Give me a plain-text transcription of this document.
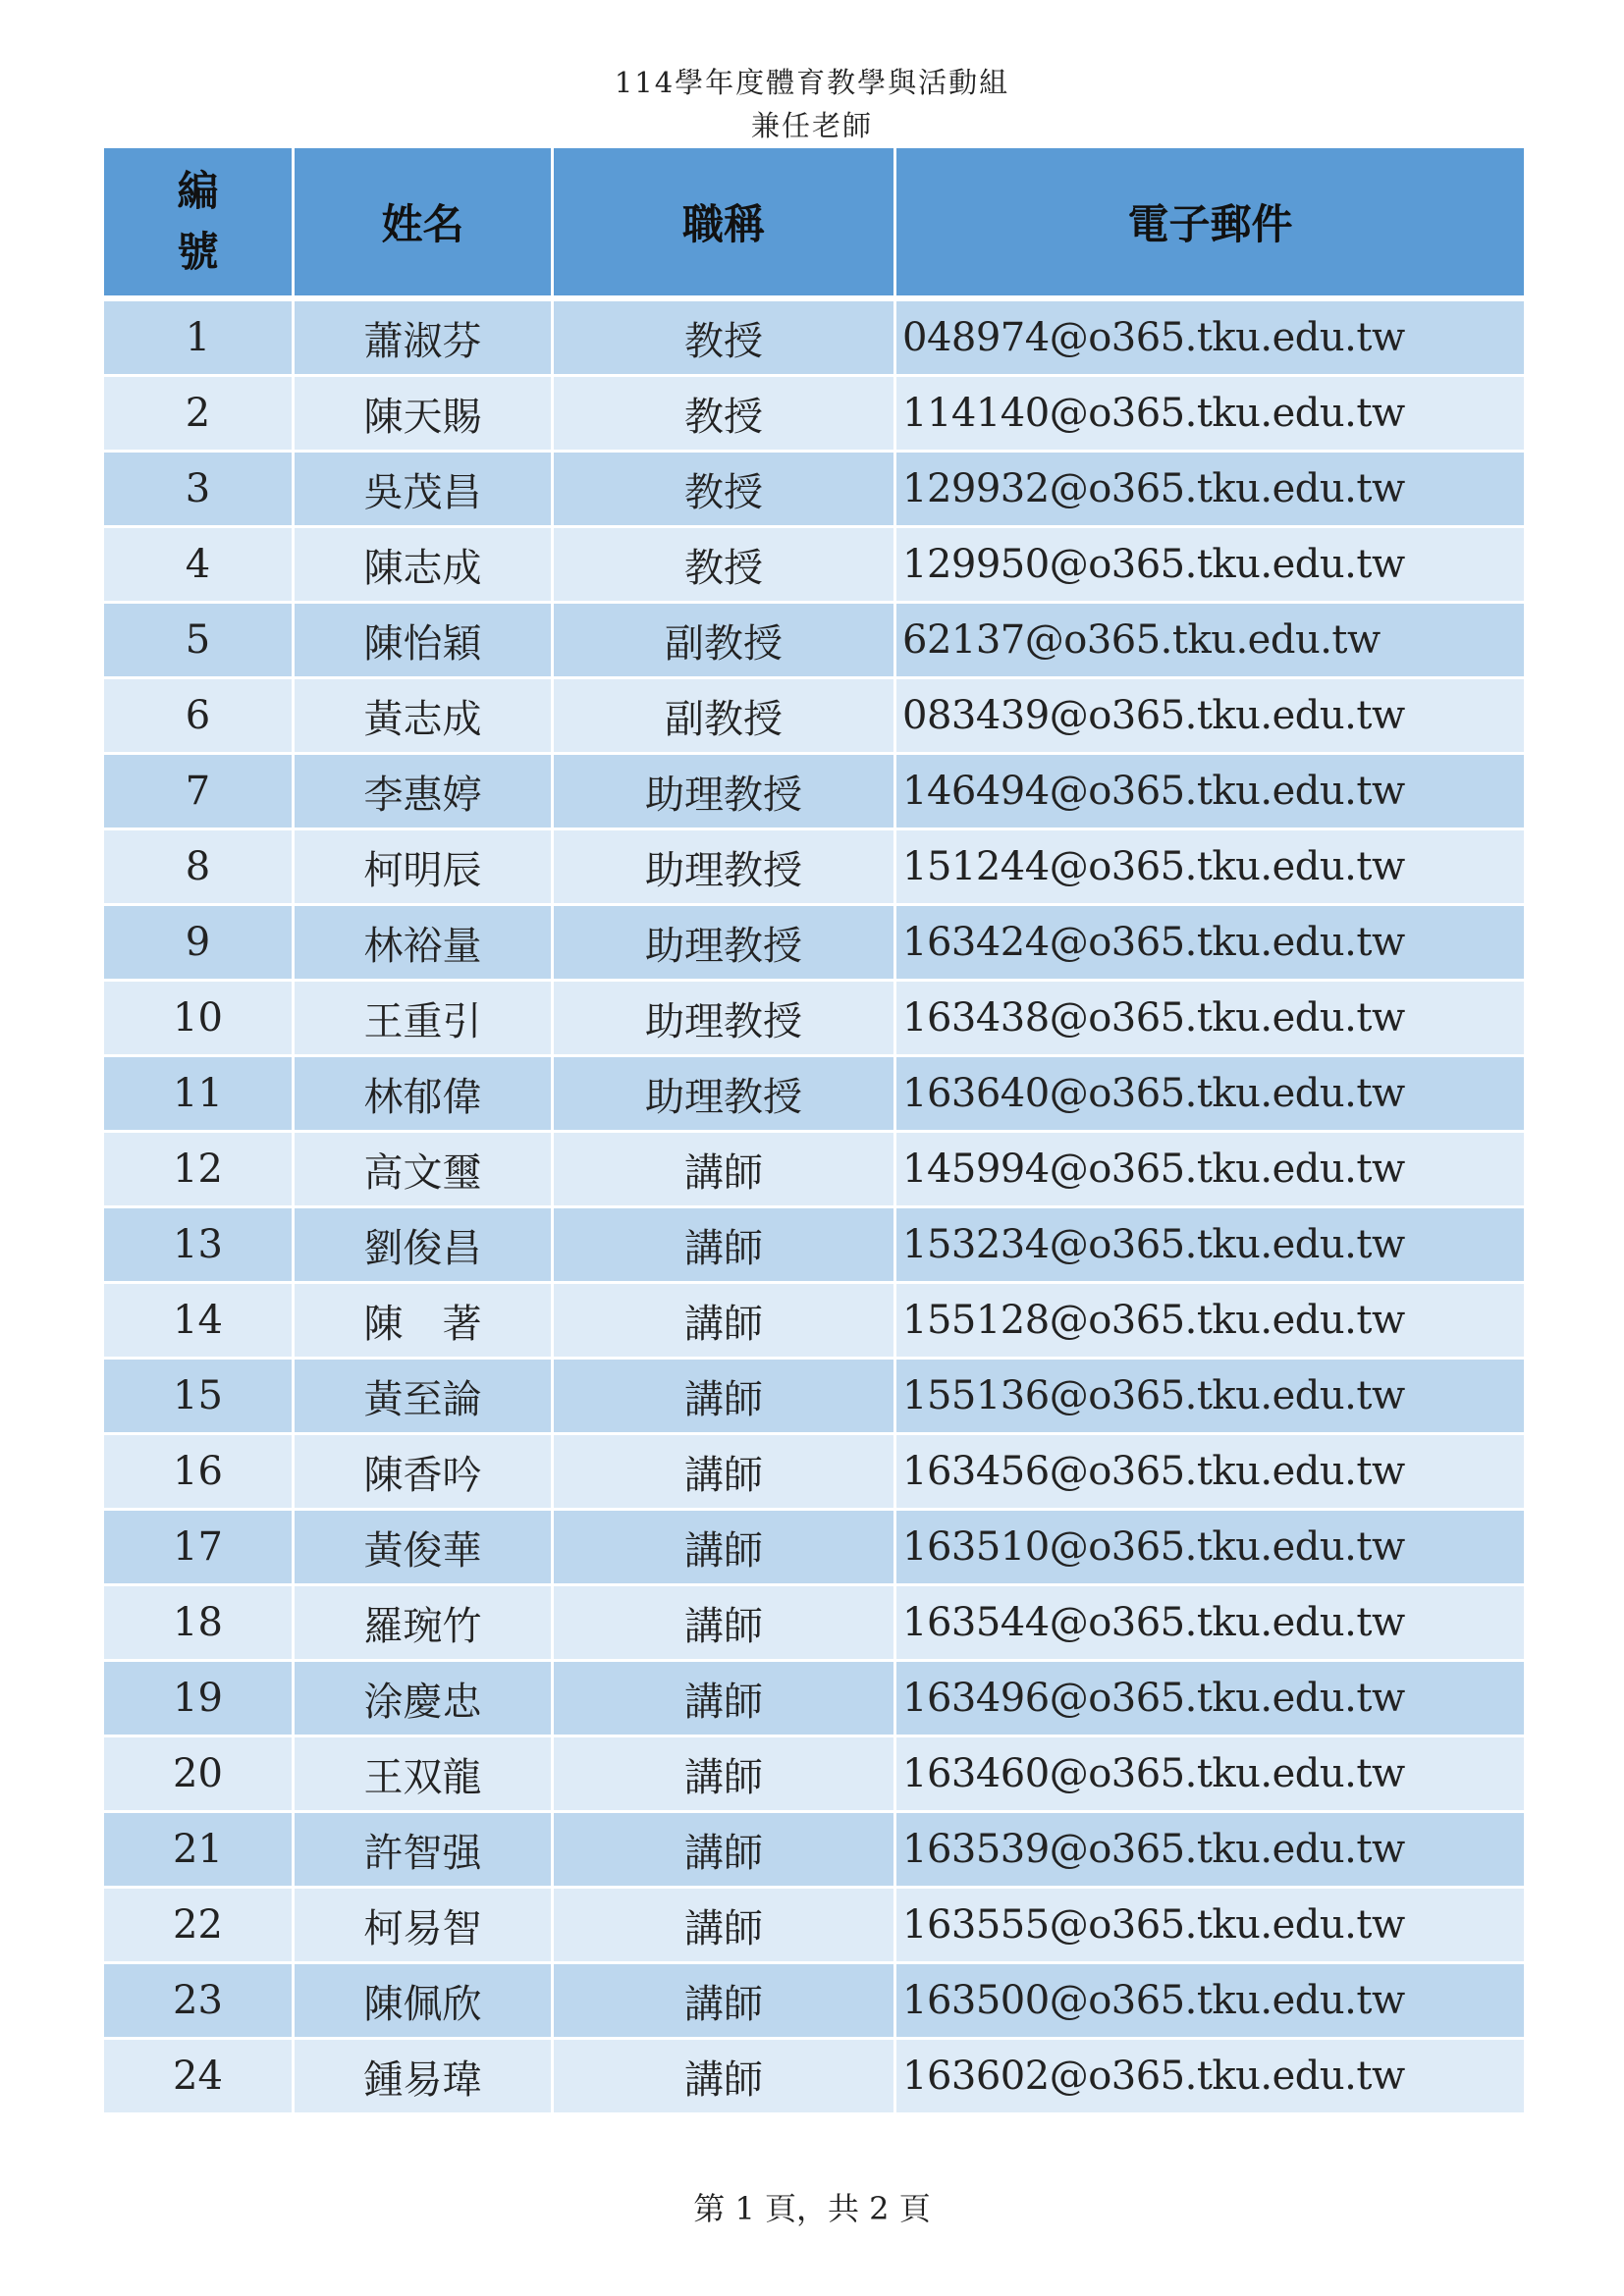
114學年度體育教學與活動組
兼任老師
編
號	姓名	職稱	電子郵件
1	蕭淑芬	教授	048974@o365.tku.edu.tw
2	陳天賜	教授	114140@o365.tku.edu.tw
3	吳茂昌	教授	129932@o365.tku.edu.tw
4	陳志成	教授	129950@o365.tku.edu.tw
5	陳怡穎	副教授	62137@o365.tku.edu.tw
6	黃志成	副教授	083439@o365.tku.edu.tw
7	李惠婷	助理教授	146494@o365.tku.edu.tw
8	柯明辰	助理教授	151244@o365.tku.edu.tw
9	林裕量	助理教授	163424@o365.tku.edu.tw
10	王重引	助理教授	163438@o365.tku.edu.tw
11	林郁偉	助理教授	163640@o365.tku.edu.tw
12	高文璽	講師	145994@o365.tku.edu.tw
13	劉俊昌	講師	153234@o365.tku.edu.tw
14	陳　著	講師	155128@o365.tku.edu.tw
15	黃至論	講師	155136@o365.tku.edu.tw
16	陳香吟	講師	163456@o365.tku.edu.tw
17	黃俊華	講師	163510@o365.tku.edu.tw
18	羅琬竹	講師	163544@o365.tku.edu.tw
19	涂慶忠	講師	163496@o365.tku.edu.tw
20	王双龍	講師	163460@o365.tku.edu.tw
21	許智强	講師	163539@o365.tku.edu.tw
22	柯易智	講師	163555@o365.tku.edu.tw
23	陳佩欣	講師	163500@o365.tku.edu.tw
24	鍾易瑋	講師	163602@o365.tku.edu.tw
第 1 頁，共 2 頁
